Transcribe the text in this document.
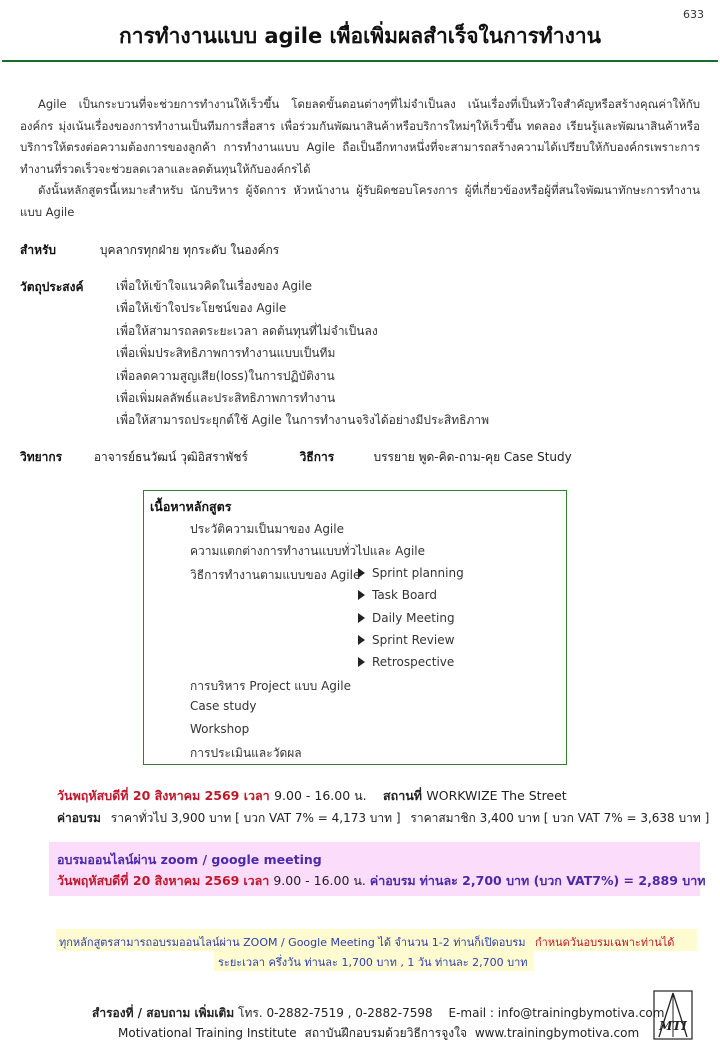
633
การทำงานแบบ agile เพื่อเพิ่มผลสำเร็จในการทำงาน

Agile เป็นกระบวนที่จะช่วยการทำงานให้เร็วขึ้น โดยลดขั้นตอนต่างๆที่ไม่จำเป็นลง เน้นเรื่องที่เป็นหัวใจสำคัญหรือสร้างคุณค่าให้กับองค์กร มุ่งเน้นเรื่องของการทำงานเป็นทีมการสื่อสาร เพื่อร่วมกันพัฒนาสินค้าหรือบริการใหม่ๆให้เร็วขึ้น ทดลอง เรียนรู้และพัฒนาสินค้าหรือบริการให้ตรงต่อความต้องการของลูกค้า การทำงานแบบ Agile ถือเป็นอีกทางหนึ่งที่จะสามารถสร้างความได้เปรียบให้กับองค์กรเพราะการทำงานที่รวดเร็วจะช่วยลดเวลาและลดต้นทุนให้กับองค์กรได้

ดังนั้นหลักสูตรนี้เหมาะสำหรับ นักบริหาร ผู้จัดการ หัวหน้างาน ผู้รับผิดชอบโครงการ ผู้ที่เกี่ยวข้องหรือผู้ที่สนใจพัฒนาทักษะการทำงานแบบ Agile

สำหรับ	บุคลากรทุกฝ่าย ทุกระดับ ในองค์กร
วัตถุประสงค์	เพื่อให้เข้าใจแนวคิดในเรื่องของ Agile
เพื่อให้เข้าใจประโยชน์ของ Agile
เพื่อให้สามารถลดระยะเวลา ลดต้นทุนที่ไม่จำเป็นลง
เพื่อเพิ่มประสิทธิภาพการทำงานแบบเป็นทีม
เพื่อลดความสูญเสีย(loss)ในการปฏิบัติงาน
เพื่อเพิ่มผลลัพธ์และประสิทธิภาพการทำงาน
เพื่อให้สามารถประยุกต์ใช้ Agile ในการทำงานจริงได้อย่างมีประสิทธิภาพ
วิทยากร	อาจารย์ธนวัฒน์ วุฒิอิสราพัชร์	วิธีการ	บรรยาย พูด-คิด-ถาม-คุย Case Study
เนื้อหาหลักสูตร
ประวัติความเป็นมาของ Agile
ความแตกต่างการทำงานแบบทั่วไปและ Agile
วิธีการทำงานตามแบบของ Agile Sprint planning
Task Board
Daily Meeting
Sprint Review
Retrospective
การบริหาร Project แบบ Agile
Case study
Workshop
การประเมินและวัดผล
วันพฤหัสบดีที่ 20 สิงหาคม 2569 เวลา 9.00 - 16.00 น. สถานที่ WORKWIZE The Street
ค่าอบรม ราคาทั่วไป 3,900 บาท [ บวก VAT 7% = 4,173 บาท ] ราคาสมาชิก 3,400 บาท [ บวก VAT 7% = 3,638 บาท ]
อบรมออนไลน์ผ่าน zoom / google meeting
วันพฤหัสบดีที่ 20 สิงหาคม 2569 เวลา 9.00 - 16.00 น. ค่าอบรม ท่านละ 2,700 บาท (บวก VAT7%) = 2,889 บาท
ทุกหลักสูตรสามารถอบรมออนไลน์ผ่าน ZOOM / Google Meeting ได้ จำนวน 1-2 ท่านก็เปิดอบรม กำหนดวันอบรมเฉพาะท่านได้
ระยะเวลา ครึ่งวัน ท่านละ 1,700 บาท , 1 วัน ท่านละ 2,700 บาท
สำรองที่ / สอบถาม เพิ่มเติม โทร. 0-2882-7519 , 0-2882-7598 E-mail : info@trainingbymotiva.com
Motivational Training Institute สถาบันฝึกอบรมด้วยวิธีการจูงใจ www.trainingbymotiva.com MTI
